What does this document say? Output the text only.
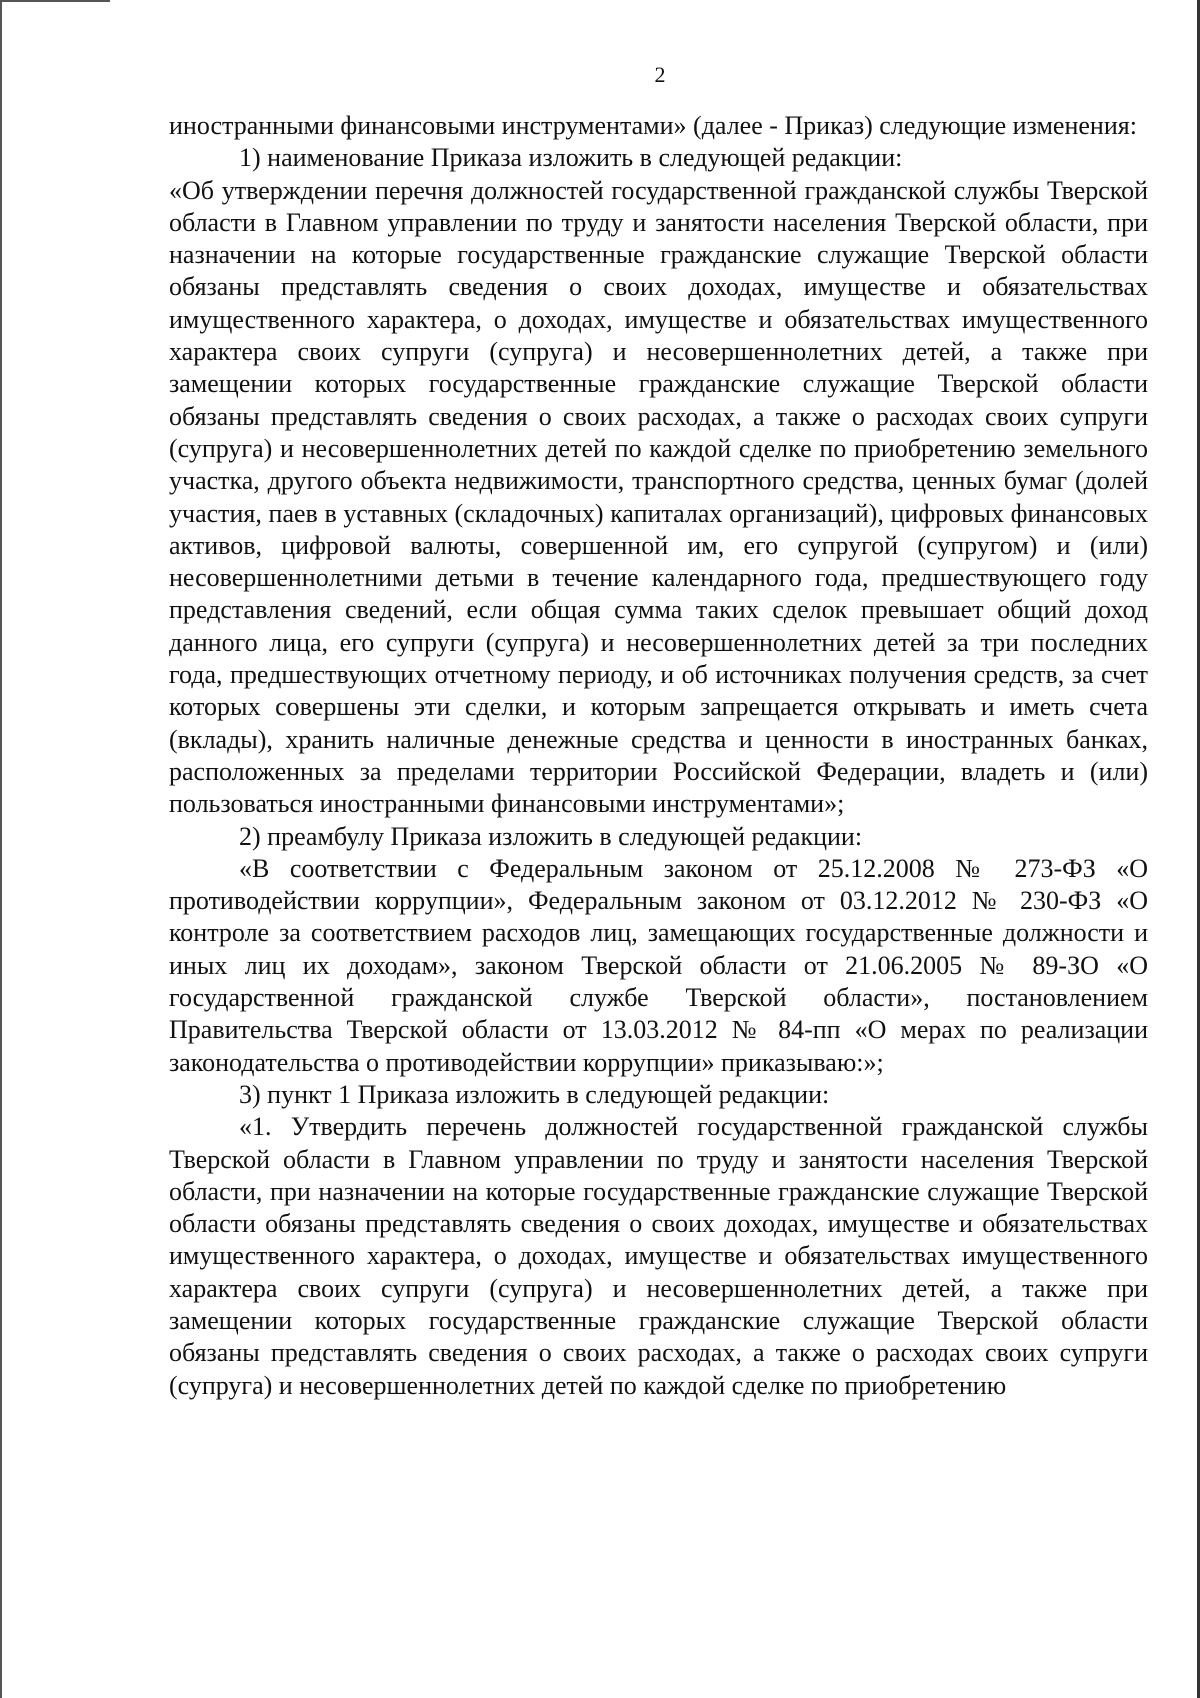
2

иностранными финансовыми инструментами» (далее - Приказ) следующие изменения:

1) наименование Приказа изложить в следующей редакции:

«Об утверждении перечня должностей государственной гражданской службы Тверской области в Главном управлении по труду и занятости населения Тверской области, при назначении на которые государственные гражданские служащие Тверской области обязаны представлять сведения о своих доходах, имуществе и обязательствах имущественного характера, о доходах, имуществе и обязательствах имущественного характера своих супруги (супруга) и несовершеннолетних детей, а также при замещении которых государственные гражданские служащие Тверской области обязаны представлять сведения о своих расходах, а также о расходах своих супруги (супруга) и несовершеннолетних детей по каждой сделке по приобретению земельного участка, другого объекта недвижимости, транспортного средства, ценных бумаг (долей участия, паев в уставных (складочных) капиталах организаций), цифровых финансовых активов, цифровой валюты, совершенной им, его супругой (супругом) и (или) несовершеннолетними детьми в течение календарного года, предшествующего году представления сведений, если общая сумма таких сделок превышает общий доход данного лица, его супруги (супруга) и несовершеннолетних детей за три последних года, предшествующих отчетному периоду, и об источниках получения средств, за счет которых совершены эти сделки, и которым запрещается открывать и иметь счета (вклады), хранить наличные денежные средства и ценности в иностранных банках, расположенных за пределами территории Российской Федерации, владеть и (или) пользоваться иностранными финансовыми инструментами»;

2) преамбулу Приказа изложить в следующей редакции:

«В соответствии с Федеральным законом от 25.12.2008 № 273-ФЗ «О противодействии коррупции», Федеральным законом от 03.12.2012 № 230-ФЗ «О контроле за соответствием расходов лиц, замещающих государственные должности и иных лиц их доходам», законом Тверской области от 21.06.2005 № 89-ЗО «О государственной гражданской службе Тверской области», постановлением Правительства Тверской области от 13.03.2012 № 84-пп «О мерах по реализации законодательства о противодействии коррупции» приказываю:»;

3) пункт 1 Приказа изложить в следующей редакции:

«1. Утвердить перечень должностей государственной гражданской службы Тверской области в Главном управлении по труду и занятости населения Тверской области, при назначении на которые государственные гражданские служащие Тверской области обязаны представлять сведения о своих доходах, имуществе и обязательствах имущественного характера, о доходах, имуществе и обязательствах имущественного характера своих супруги (супруга) и несовершеннолетних детей, а также при замещении которых государственные гражданские служащие Тверской области обязаны представлять сведения о своих расходах, а также о расходах своих супруги (супруга) и несовершеннолетних детей по каждой сделке по приобретению
